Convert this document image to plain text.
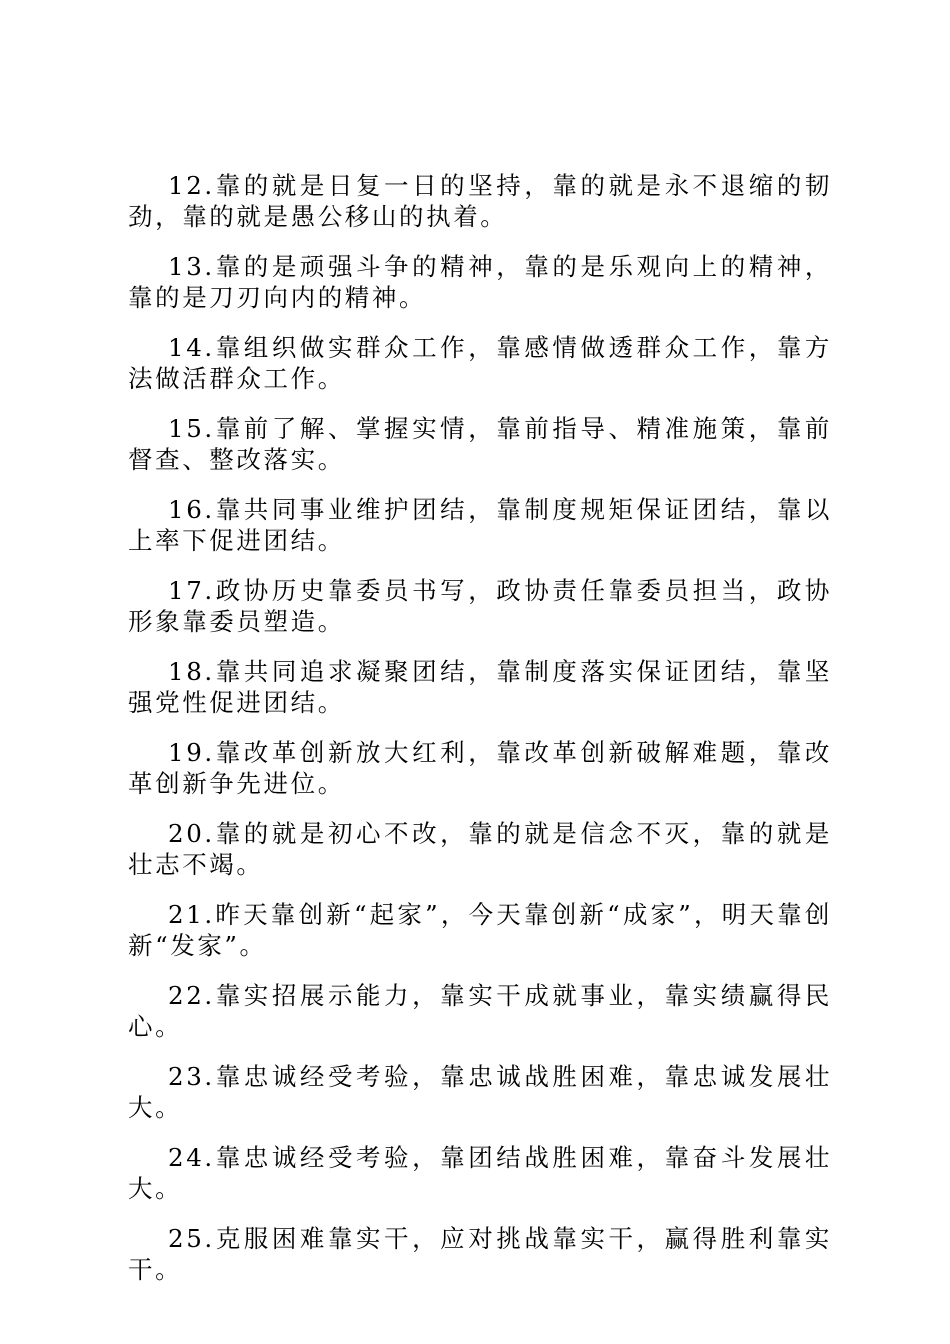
12.靠的就是日复一日的坚持，靠的就是永不退缩的韧劲，靠的就是愚公移山的执着。

13.靠的是顽强斗争的精神，靠的是乐观向上的精神，靠的是刀刃向内的精神。

14.靠组织做实群众工作，靠感情做透群众工作，靠方法做活群众工作。

15.靠前了解、掌握实情，靠前指导、精准施策，靠前督查、整改落实。

16.靠共同事业维护团结，靠制度规矩保证团结，靠以上率下促进团结。

17.政协历史靠委员书写，政协责任靠委员担当，政协形象靠委员塑造。

18.靠共同追求凝聚团结，靠制度落实保证团结，靠坚强党性促进团结。

19.靠改革创新放大红利，靠改革创新破解难题，靠改革创新争先进位。

20.靠的就是初心不改，靠的就是信念不灭，靠的就是壮志不竭。

21.昨天靠创新“起家”，今天靠创新“成家”，明天靠创新“发家”。

22.靠实招展示能力，靠实干成就事业，靠实绩赢得民心。

23.靠忠诚经受考验，靠忠诚战胜困难，靠忠诚发展壮大。

24.靠忠诚经受考验，靠团结战胜困难，靠奋斗发展壮大。

25.克服困难靠实干，应对挑战靠实干，赢得胜利靠实干。
